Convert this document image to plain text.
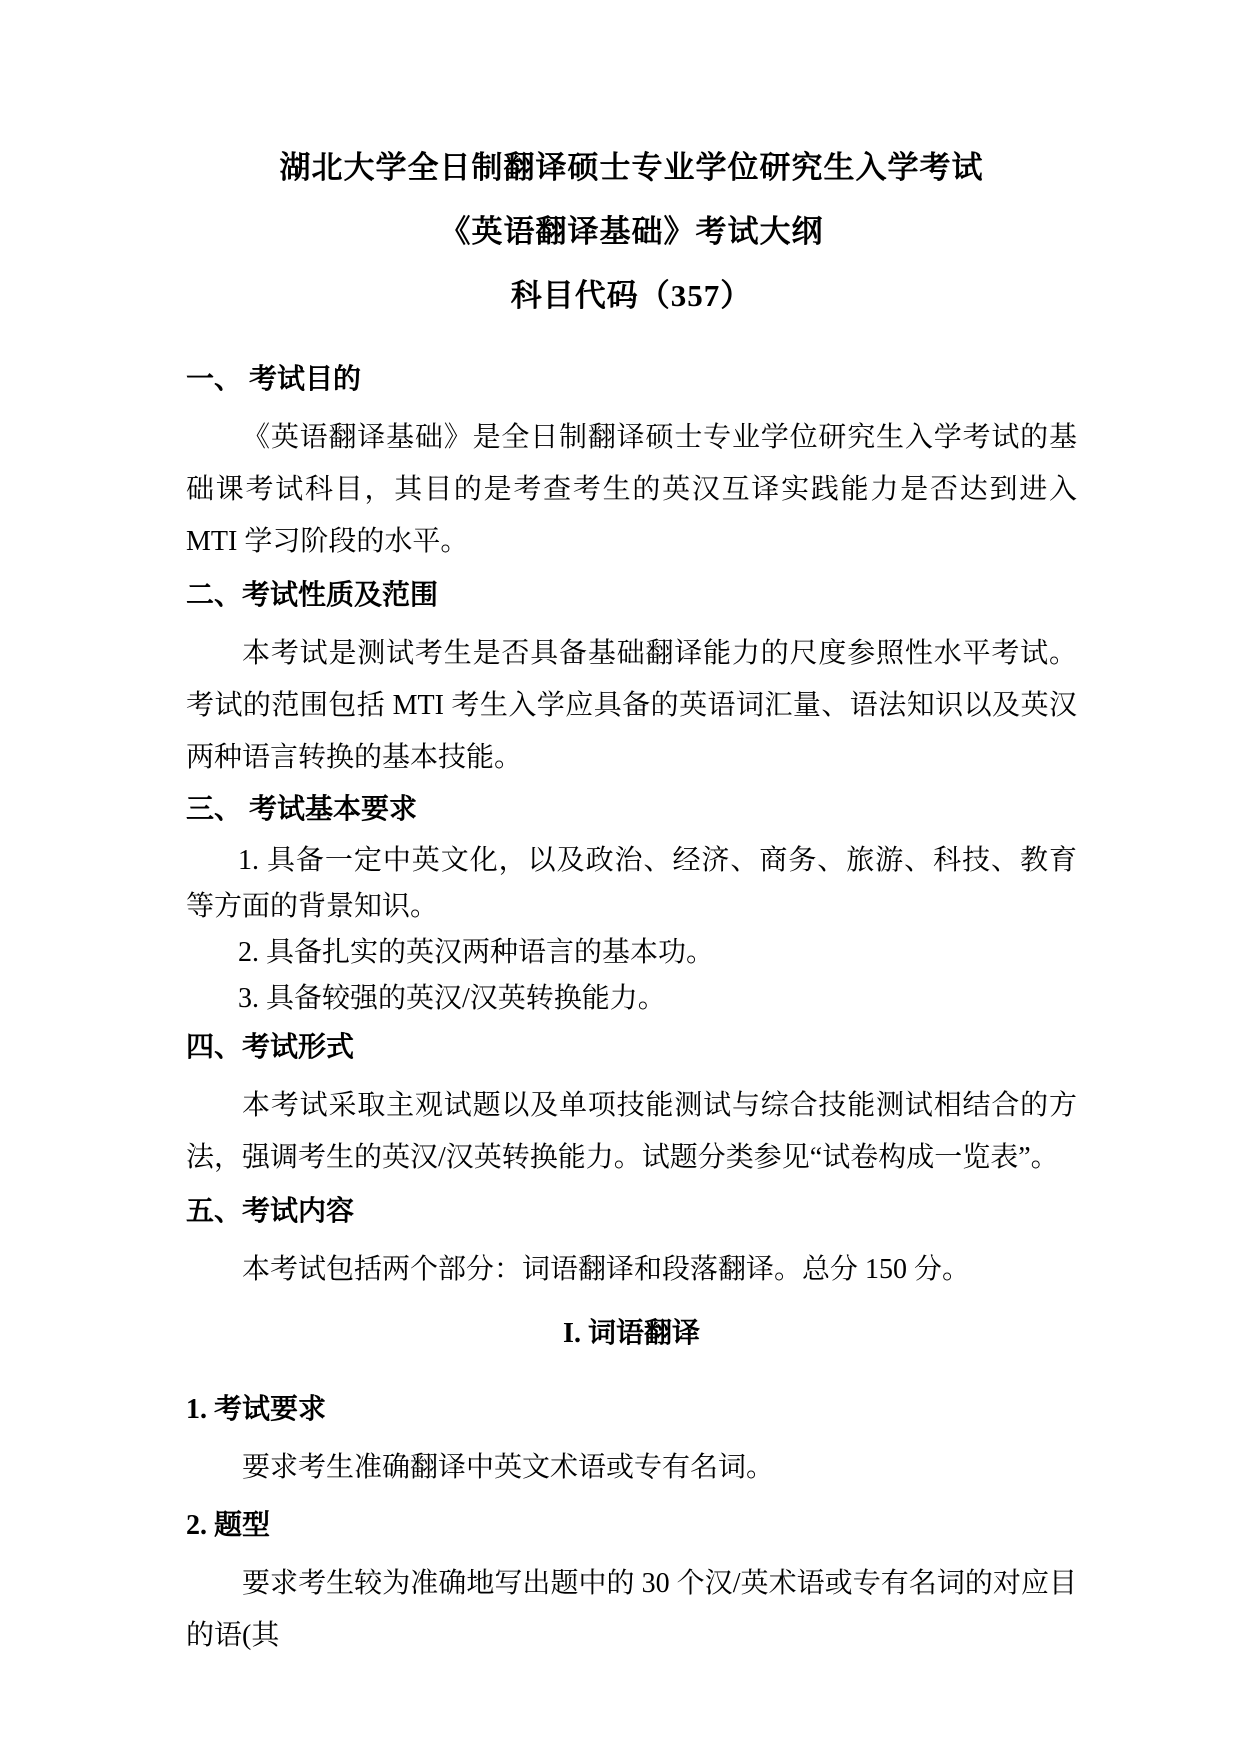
湖北大学全日制翻译硕士专业学位研究生入学考试
《英语翻译基础》考试大纲
科目代码（357）
一、 考试目的

《英语翻译基础》是全日制翻译硕士专业学位研究生入学考试的基础课考试科目，其目的是考查考生的英汉互译实践能力是否达到进入 MTI 学习阶段的水平。

二、考试性质及范围

本考试是测试考生是否具备基础翻译能力的尺度参照性水平考试。考试的范围包括 MTI 考生入学应具备的英语词汇量、语法知识以及英汉两种语言转换的基本技能。

三、 考试基本要求

1. 具备一定中英文化，以及政治、经济、商务、旅游、科技、教育等方面的背景知识。

2. 具备扎实的英汉两种语言的基本功。

3. 具备较强的英汉/汉英转换能力。

四、考试形式

本考试采取主观试题以及单项技能测试与综合技能测试相结合的方法，强调考生的英汉/汉英转换能力。试题分类参见“试卷构成一览表”。

五、考试内容

本考试包括两个部分：词语翻译和段落翻译。总分 150 分。

I. 词语翻译
1. 考试要求

要求考生准确翻译中英文术语或专有名词。

2. 题型

要求考生较为准确地写出题中的 30 个汉/英术语或专有名词的对应目的语(其
